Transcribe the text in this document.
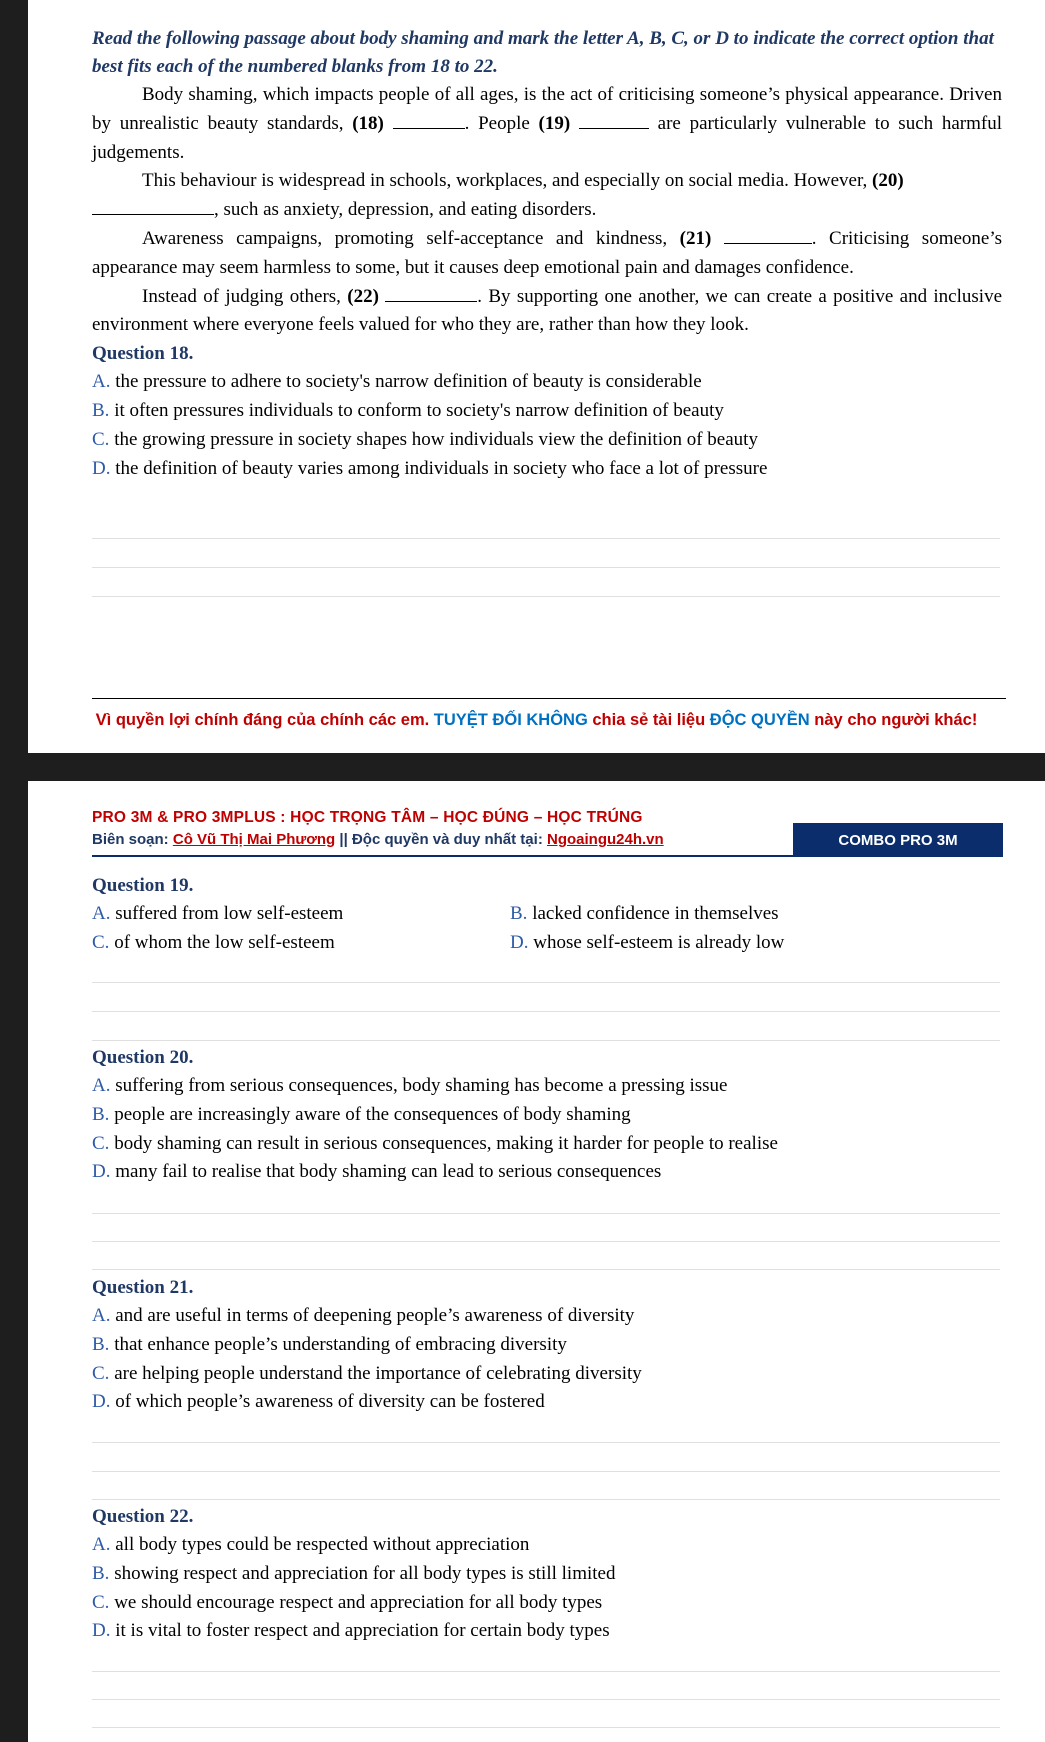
Read the following passage about body shaming and mark the letter A, B, C, or D to indicate the correct option that best fits each of the numbered blanks from 18 to 22.

Body shaming, which impacts people of all ages, is the act of criticising someone’s physical appearance. Driven by unrealistic beauty standards, (18)	. People (19)	are particularly vulnerable to such harmful judgements.

This behaviour is widespread in schools, workplaces, and especially on social media. However, (20)
, such as anxiety, depression, and eating disorders.

Awareness campaigns, promoting self-acceptance and kindness, (21)	. Criticising someone’s appearance may seem harmless to some, but it causes deep emotional pain and damages confidence.

Instead of judging others, (22)	. By supporting one another, we can create a positive and inclusive environment where everyone feels valued for who they are, rather than how they look.

Question 18.

A. the pressure to adhere to society's narrow definition of beauty is considerable

B. it often pressures individuals to conform to society's narrow definition of beauty

C. the growing pressure in society shapes how individuals view the definition of beauty

D. the definition of beauty varies among individuals in society who face a lot of pressure

Vì quyền lợi chính đáng của chính các em. TUYỆT ĐỐI KHÔNG chia sẻ tài liệu ĐỘC QUYỀN này cho người khác!
PRO 3M & PRO 3MPLUS : HỌC TRỌNG TÂM – HỌC ĐÚNG – HỌC TRÚNG
Biên soạn: Cô Vũ Thị Mai Phương || Độc quyền và duy nhất tại: Ngoaingu24h.vn	COMBO PRO 3M

Question 19.

A. suffered from low self-esteem	B. lacked confidence in themselves

C. of whom the low self-esteem	D. whose self-esteem is already low

Question 20.

A. suffering from serious consequences, body shaming has become a pressing issue

B. people are increasingly aware of the consequences of body shaming

C. body shaming can result in serious consequences, making it harder for people to realise

D. many fail to realise that body shaming can lead to serious consequences

Question 21.

A. and are useful in terms of deepening people’s awareness of diversity

B. that enhance people’s understanding of embracing diversity

C. are helping people understand the importance of celebrating diversity

D. of which people’s awareness of diversity can be fostered

Question 22.

A. all body types could be respected without appreciation

B. showing respect and appreciation for all body types is still limited

C. we should encourage respect and appreciation for all body types

D. it is vital to foster respect and appreciation for certain body types
